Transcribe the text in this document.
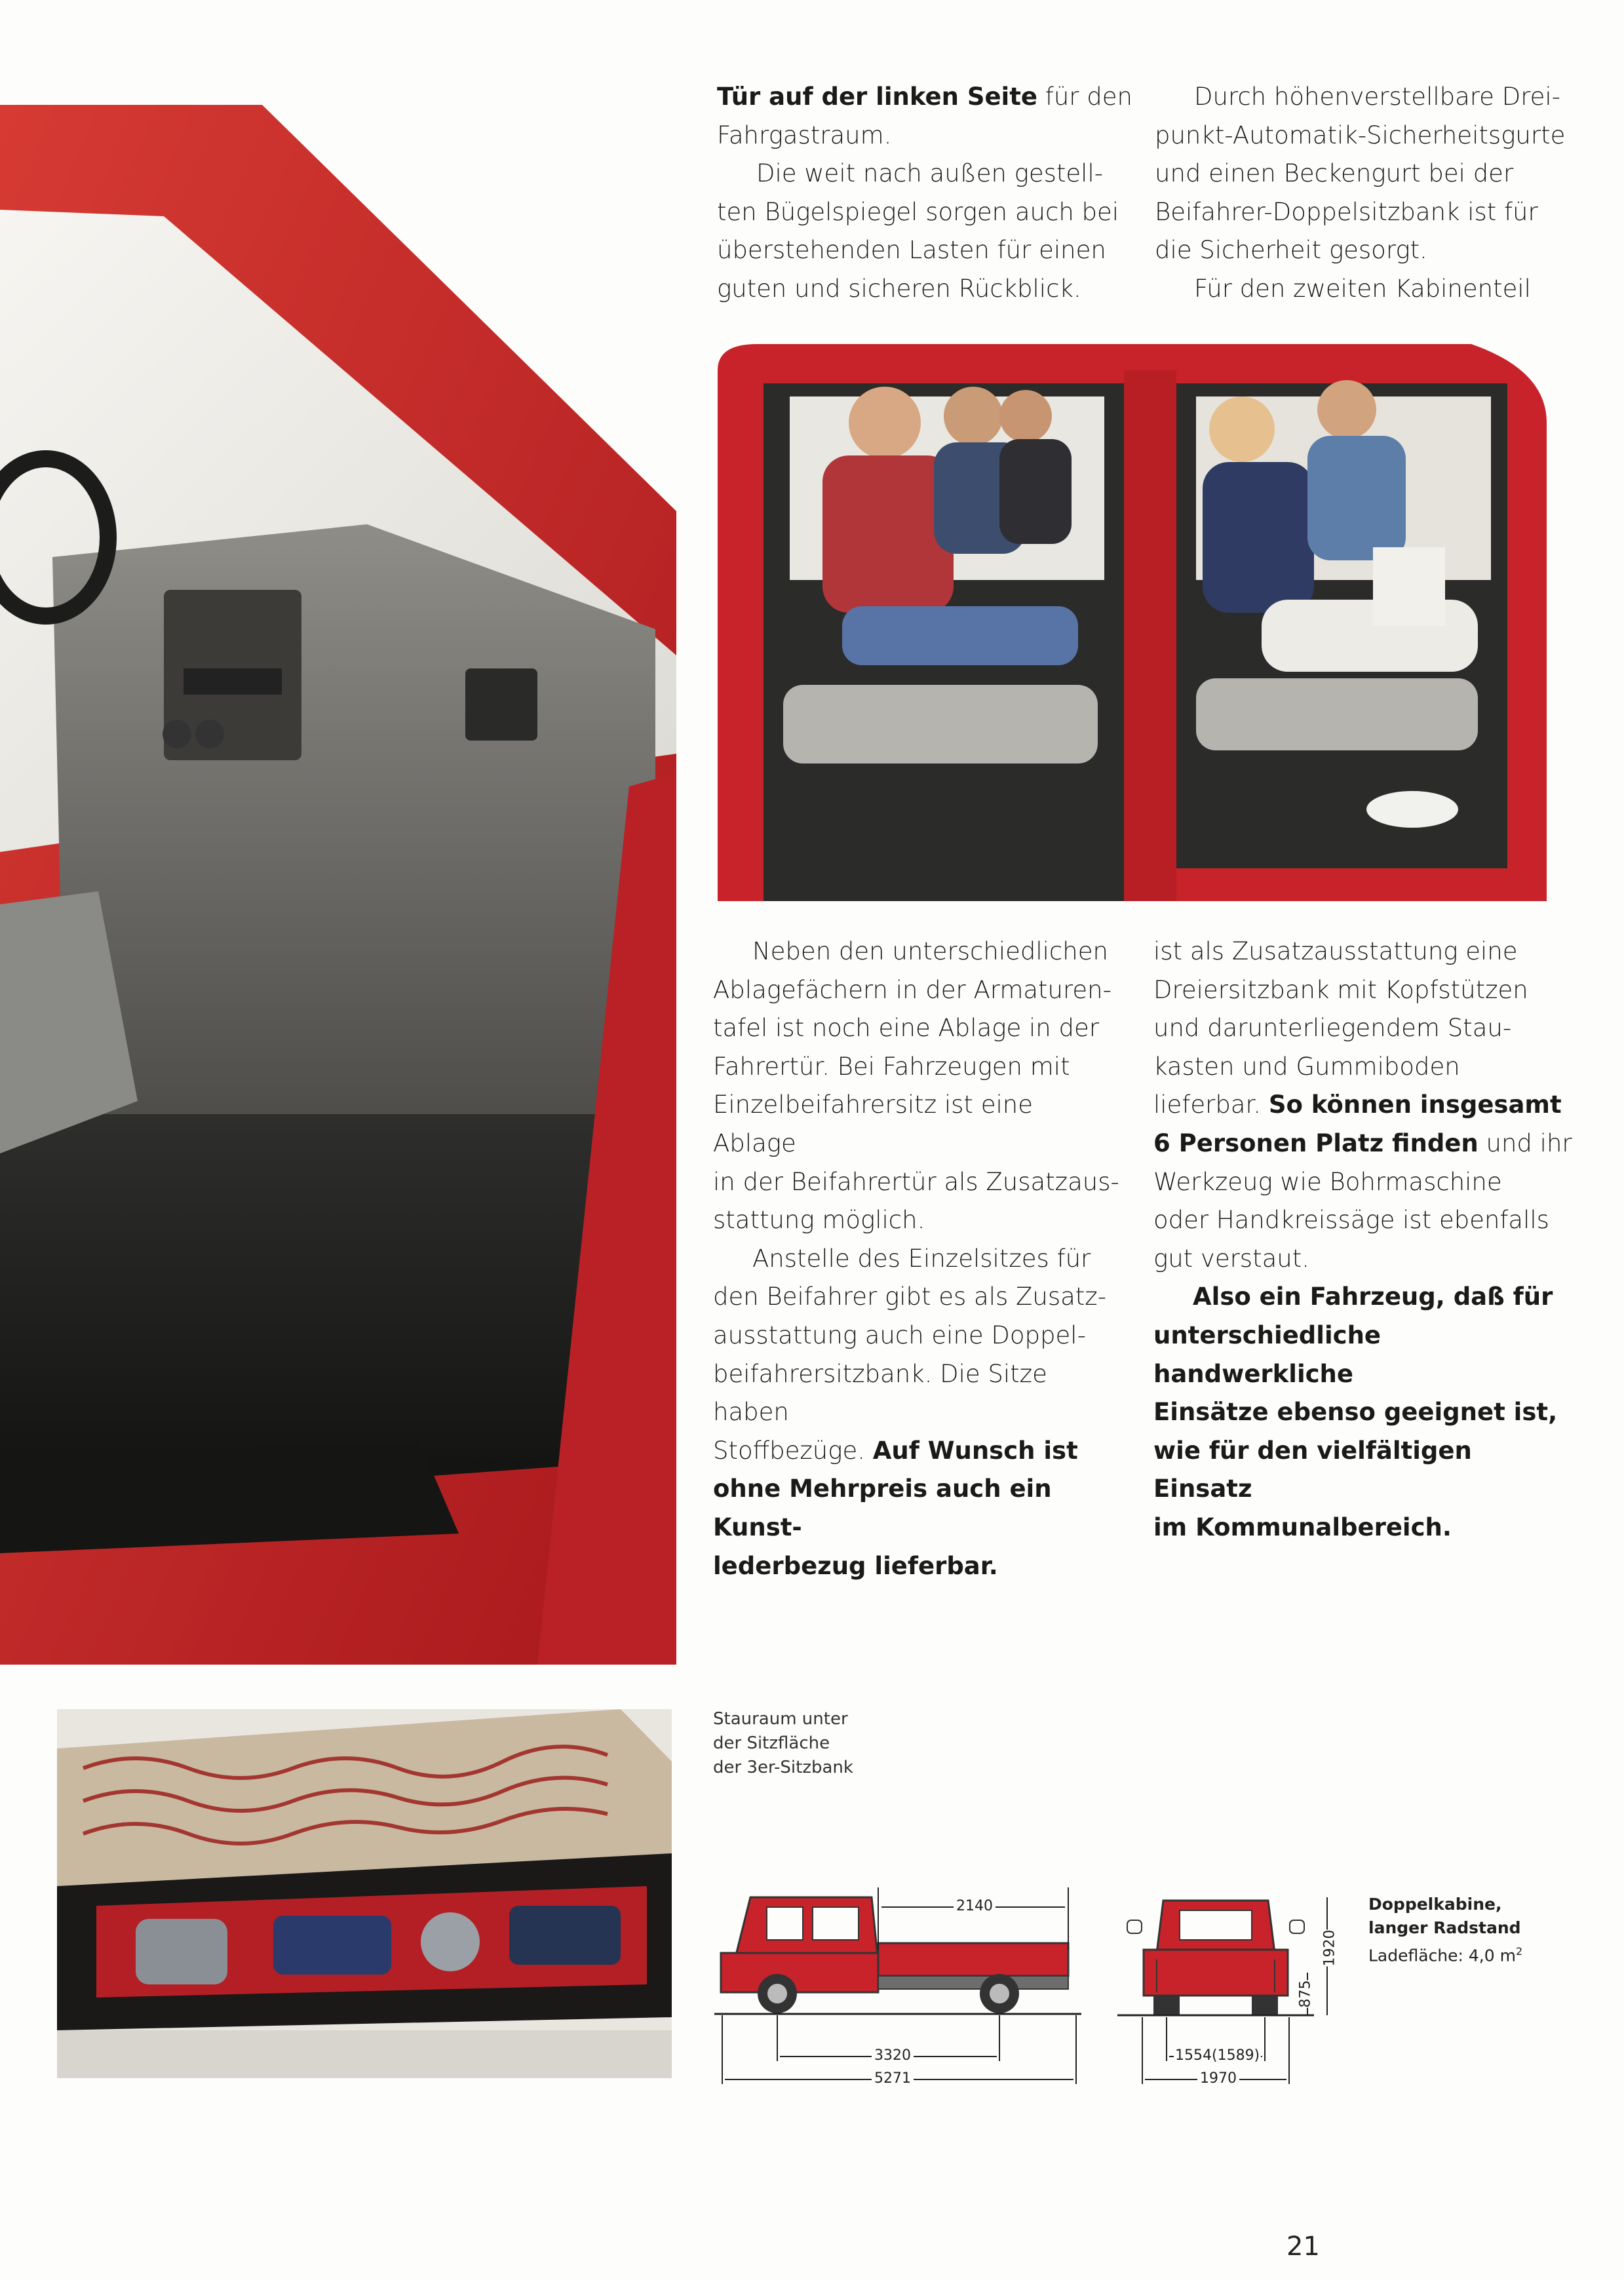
Tür auf der linken Seite für den

Fahrgastraum.

Die weit nach außen gestell-

ten Bügelspiegel sorgen auch bei

überstehenden Lasten für einen

guten und sicheren Rückblick.

Durch höhenverstellbare Drei-

punkt-Automatik-Sicherheitsgurte

und einen Beckengurt bei der

Beifahrer-Doppelsitzbank ist für

die Sicherheit gesorgt.

Für den zweiten Kabinenteil

Neben den unterschiedlichen

Ablagefächern in der Armaturen-

tafel ist noch eine Ablage in der

Fahrertür. Bei Fahrzeugen mit

Einzelbeifahrersitz ist eine Ablage

in der Beifahrertür als Zusatzaus-

stattung möglich.

Anstelle des Einzelsitzes für

den Beifahrer gibt es als Zusatz-

ausstattung auch eine Doppel-

beifahrersitzbank. Die Sitze haben

Stoffbezüge. Auf Wunsch ist

ohne Mehrpreis auch ein Kunst-

lederbezug lieferbar.

ist als Zusatzausstattung eine

Dreiersitzbank mit Kopfstützen

und darunterliegendem Stau-

kasten und Gummiboden

lieferbar. So können insgesamt

6 Personen Platz finden und ihr

Werkzeug wie Bohrmaschine

oder Handkreissäge ist ebenfalls

gut verstaut.

Also ein Fahrzeug, daß für

unterschiedliche handwerkliche

Einsätze ebenso geeignet ist,

wie für den vielfältigen Einsatz

im Kommunalbereich.

Stauraum unter
der Sitzfläche
der 3er-Sitzbank
2140
3320
5271
1920
875
1554(1589)
1970
Doppelkabine,
langer Radstand
Ladefläche: 4,0 $m^2$
21
